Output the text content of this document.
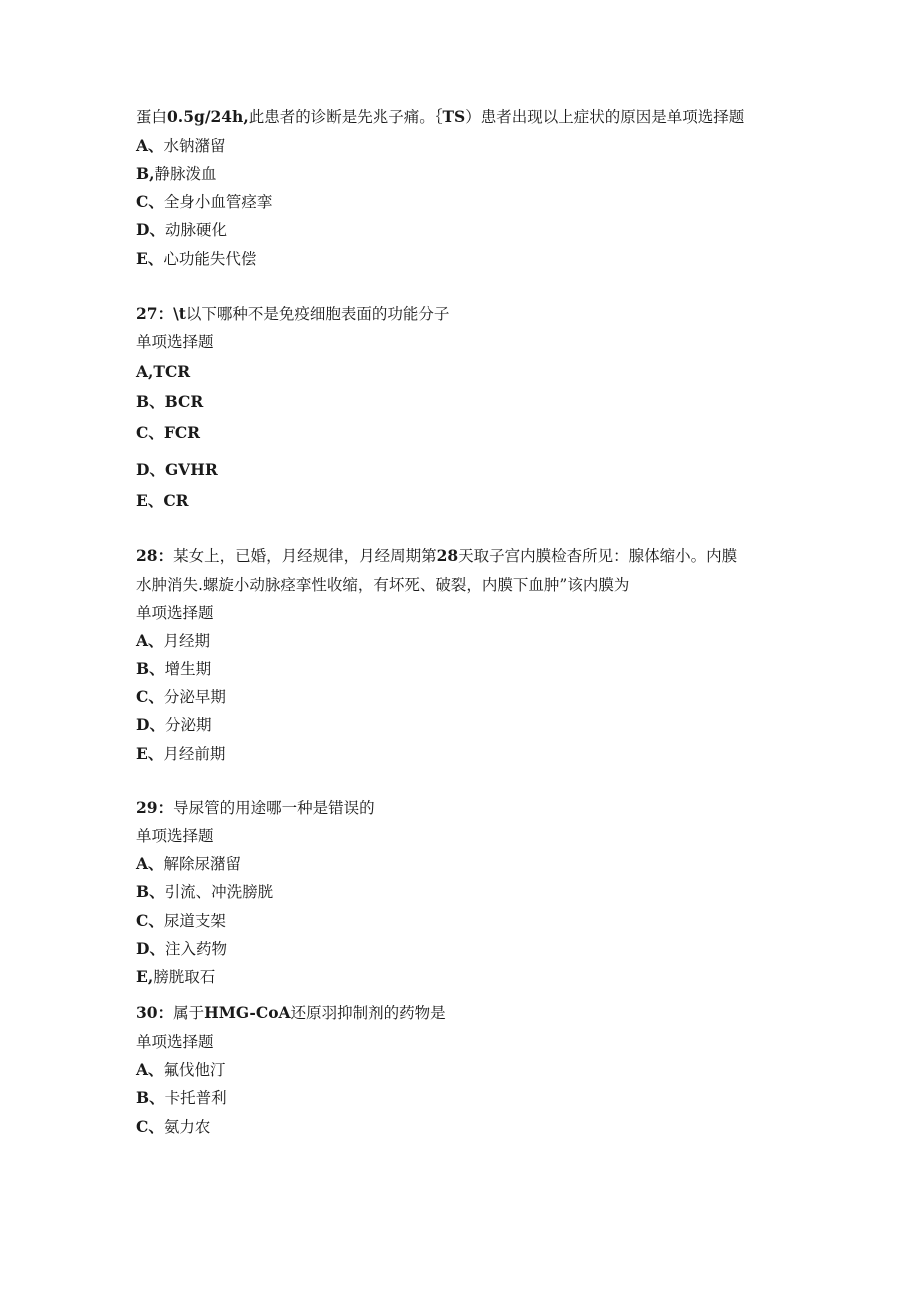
蛋白0.5g/24h,此患者的诊断是先兆子痛。｛TS）患者出现以上症状的原因是单项选择题
A、水钠潴留
B,静脉泼血
C、全身小血管痉挛
D、动脉硬化
E、心功能失代偿
27：\t以下哪种不是免疫细胞表面的功能分子
单项选择题
A,TCR
B、BCR
C、FCR
D、GVHR
E、CR
28：某女上，已婚，月经规律，月经周期第28天取子宫内膜检杳所见：腺体缩小。内膜
水肿消失.螺旋小动脉痉挛性收缩，有坏死、破裂，内膜下血肿”该内膜为
单项选择题
A、月经期
B、增生期
C、分泌早期
D、分泌期
E、月经前期
29：导尿管的用途哪一种是错误的
单项选择题
A、解除尿潴留
B、引流、冲洗膀胱
C、尿道支架
D、注入药物
E,膀胱取石
30：属于HMG-CoA还原羽抑制剂的药物是
单项选择题
A、氟伐他汀
B、卡托普利
C、氨力农
